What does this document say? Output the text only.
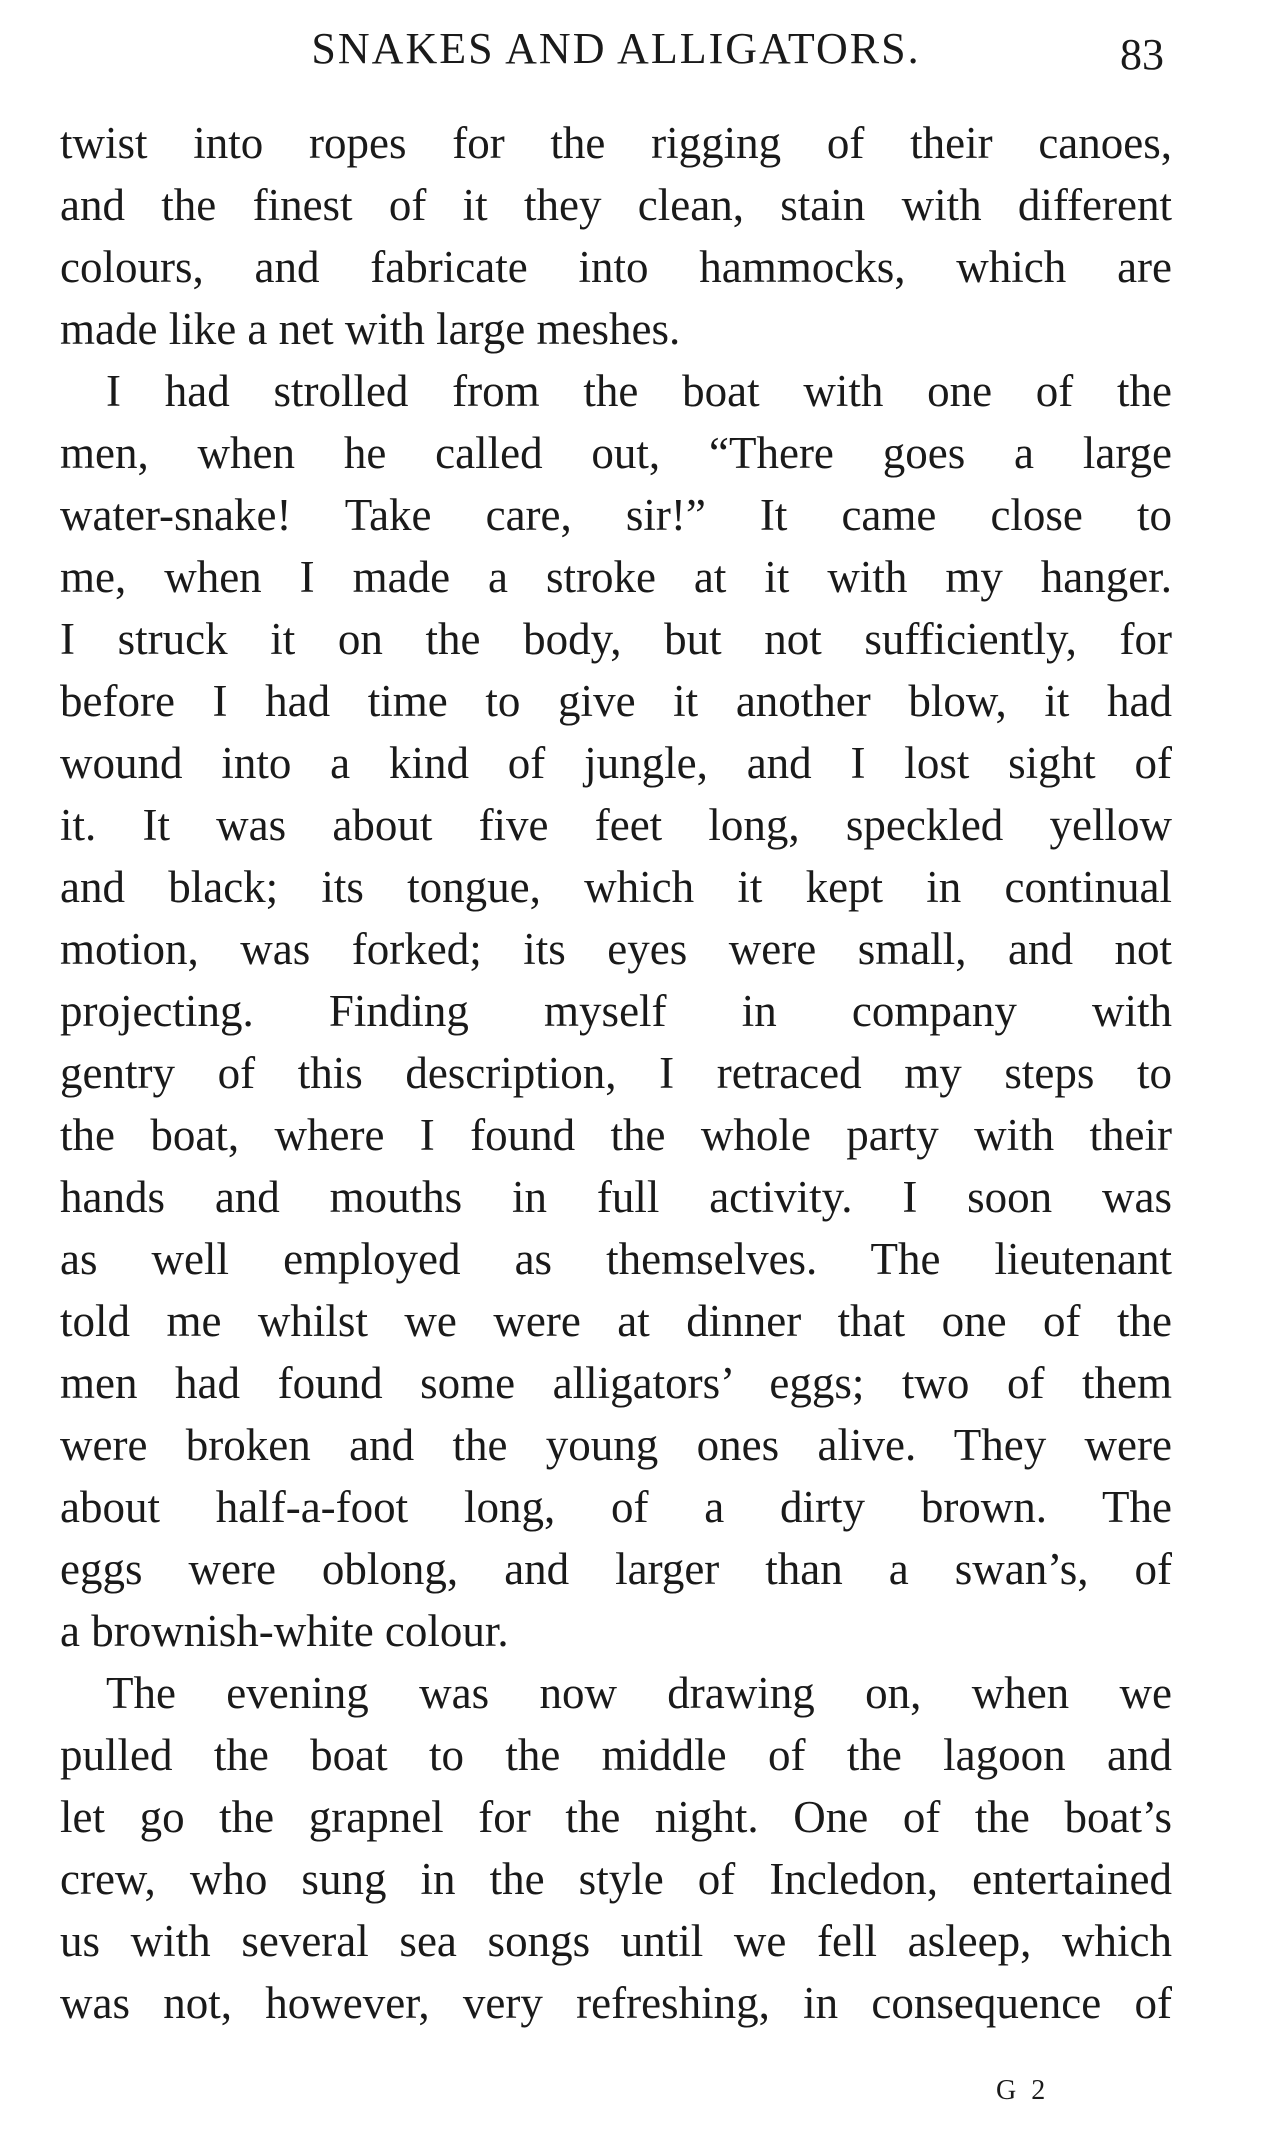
SNAKES AND ALLIGATORS.	83

twist into ropes for the rigging of their canoes,
and the finest of it they clean, stain with different
colours, and fabricate into hammocks, which are
made like a net with large meshes.

I had strolled from the boat with one of the
men, when he called out, “There goes a large
water-snake! Take care, sir!” It came close to
me, when I made a stroke at it with my hanger.
I struck it on the body, but not sufficiently, for
before I had time to give it another blow, it had
wound into a kind of jungle, and I lost sight of
it. It was about five feet long, speckled yellow
and black; its tongue, which it kept in continual
motion, was forked; its eyes were small, and not
projecting. Finding myself in company with
gentry of this description, I retraced my steps to
the boat, where I found the whole party with their
hands and mouths in full activity. I soon was
as well employed as themselves. The lieutenant
told me whilst we were at dinner that one of the
men had found some alligators’ eggs; two of them
were broken and the young ones alive. They were
about half-a-foot long, of a dirty brown. The
eggs were oblong, and larger than a swan’s, of
a brownish-white colour.

The evening was now drawing on, when we
pulled the boat to the middle of the lagoon and
let go the grapnel for the night. One of the boat’s
crew, who sung in the style of Incledon, entertained
us with several sea songs until we fell asleep, which
was not, however, very refreshing, in consequence of

G 2
